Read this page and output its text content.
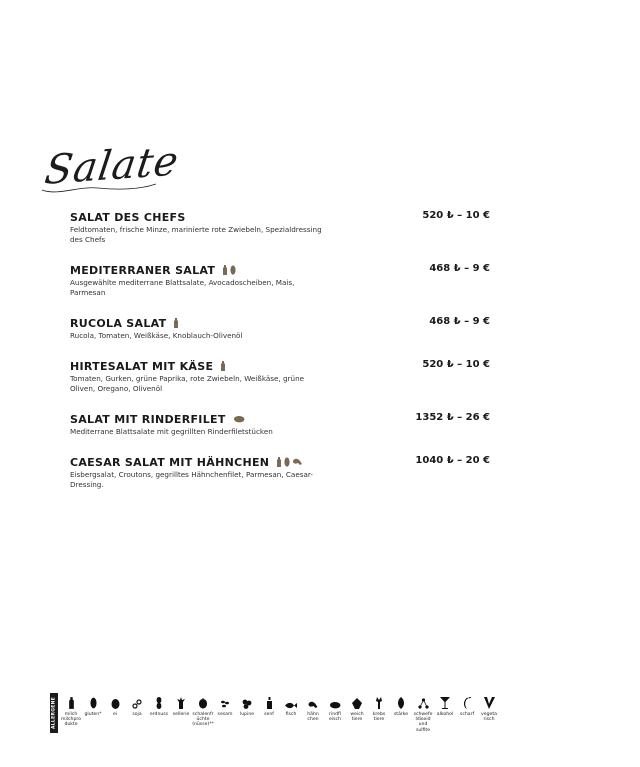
Salate
SALAT DES CHEFS	520 ₺ – 10 €
Feldtomaten, frische Minze, marinierte rote Zwiebeln, Spezialdressing des Chefs
MEDITERRANER SALAT	468 ₺ – 9 €
Ausgewählte mediterrane Blattsalate, Avocadoscheiben, Mais, Parmesan
RUCOLA SALAT	468 ₺ – 9 €
Rucola, Tomaten, Weißkäse, Knoblauch-Olivenöl
HIRTESALAT MIT KÄSE	520 ₺ – 10 €
Tomaten, Gurken, grüne Paprika, rote Zwiebeln, Weißkäse, grüne Oliven, Oregano, Olivenöl
SALAT MIT RINDERFILET	1352 ₺ – 26 €
Mediterrane Blattsalate mit gegrillten Rinderfiletstücken
CAESAR SALAT MIT HÄHNCHEN	1040 ₺ – 20 €
Eisbergsalat, Croutons, gegrilltes Hähnchenfilet, Parmesan, Caesar-Dressing.
ALLERGENE	milch
milchpro
dukte
gluten*	ei	soja	erdnuss	sellerie schalenfr
üchte
(nüsse)**
sesam	lupine	senf	fisch	hähn
chen
rindfl
eisch
weich
tiere
krebs
tiere
stärke	schwefe
ldioxid
und
sulfite
alkohol	scharf	vegeta
risch
